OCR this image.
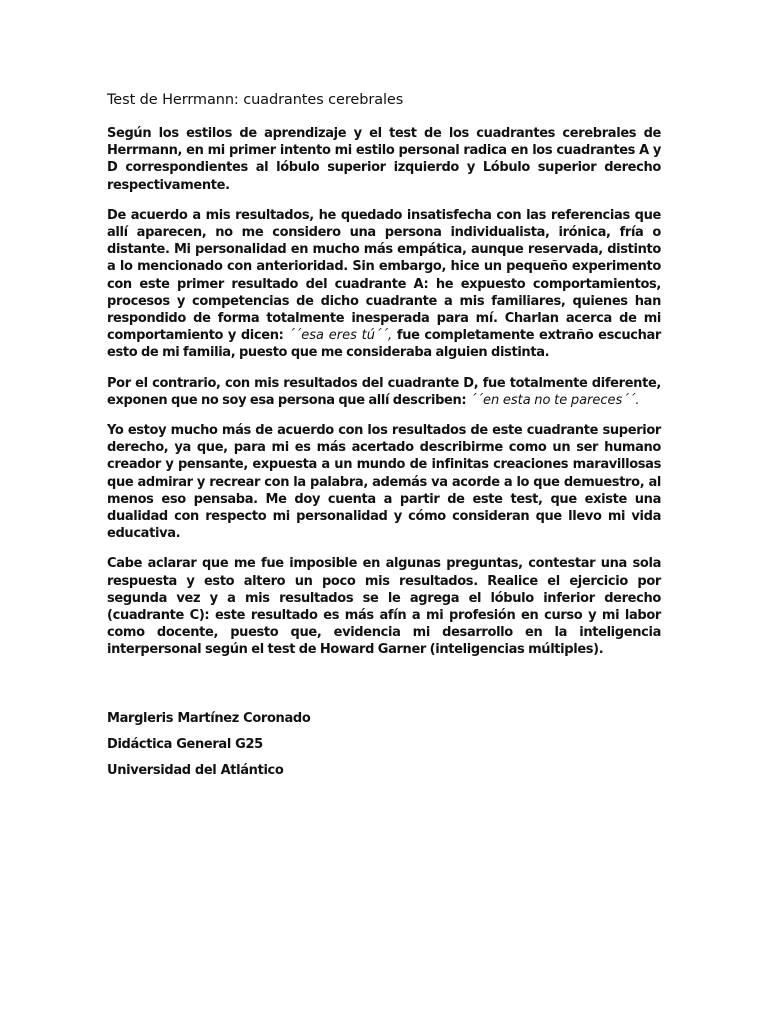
Test de Herrmann: cuadrantes cerebrales

Según los estilos de aprendizaje y el test de los cuadrantes cerebrales de Herrmann, en mi primer intento mi estilo personal radica en los cuadrantes A y D correspondientes al lóbulo superior izquierdo y Lóbulo superior derecho respectivamente.

De acuerdo a mis resultados, he quedado insatisfecha con las referencias que allí aparecen, no me considero una persona individualista, irónica, fría o distante. Mi personalidad en mucho más empática, aunque reservada, distinto a lo mencionado con anterioridad. Sin embargo, hice un pequeño experimento con este primer resultado del cuadrante A: he expuesto comportamientos, procesos y competencias de dicho cuadrante a mis familiares, quienes han respondido de forma totalmente inesperada para mí. Charlan acerca de mi comportamiento y dicen: ´´esa eres tú´´, fue completamente extraño escuchar esto de mi familia, puesto que me consideraba alguien distinta.

Por el contrario, con mis resultados del cuadrante D, fue totalmente diferente, exponen que no soy esa persona que allí describen: ´´en esta no te pareces´´.

Yo estoy mucho más de acuerdo con los resultados de este cuadrante superior derecho, ya que, para mi es más acertado describirme como un ser humano creador y pensante, expuesta a un mundo de infinitas creaciones maravillosas que admirar y recrear con la palabra, además va acorde a lo que demuestro, al menos eso pensaba. Me doy cuenta a partir de este test, que existe una dualidad con respecto mi personalidad y cómo consideran que llevo mi vida educativa.

Cabe aclarar que me fue imposible en algunas preguntas, contestar una sola respuesta y esto altero un poco mis resultados. Realice el ejercicio por segunda vez y a mis resultados se le agrega el lóbulo inferior derecho (cuadrante C): este resultado es más afín a mi profesión en curso y mi labor como docente, puesto que, evidencia mi desarrollo en la inteligencia interpersonal según el test de Howard Garner (inteligencias múltiples).

Margleris Martínez Coronado
Didáctica General G25
Universidad del Atlántico
